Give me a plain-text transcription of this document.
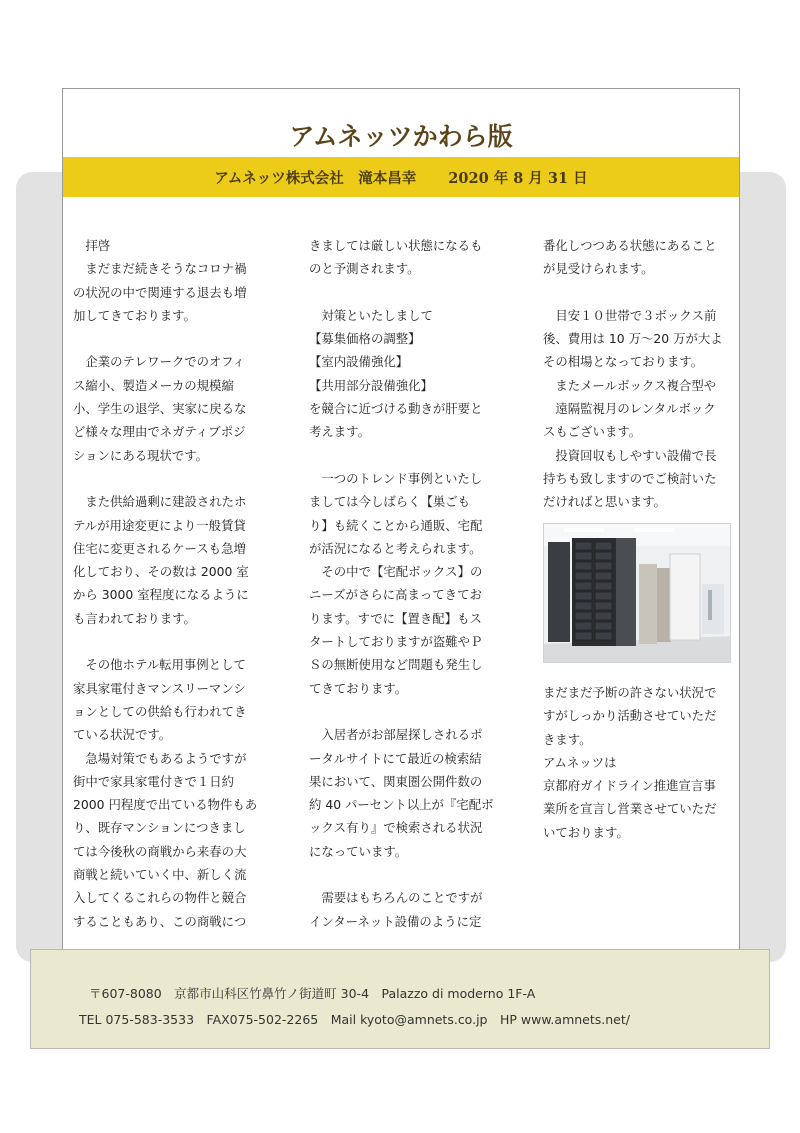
アムネッツかわら版
アムネッツ株式会社　滝本昌幸 2020 年 8 月 31 日

　拝啓

　まだまだ続きそうなコロナ禍

の状況の中で関連する退去も増

加してきております。

　企業のテレワークでのオフィ

ス縮小、製造メーカの規模縮

小、学生の退学、実家に戻るな

ど様々な理由でネガティブポジ

ションにある現状です。

　また供給過剰に建設されたホ

テルが用途変更により一般賃貸

住宅に変更されるケースも急増

化しており、その数は 2000 室

から 3000 室程度になるように

も言われております。

　その他ホテル転用事例として

家具家電付きマンスリーマンシ

ョンとしての供給も行われてき

ている状況です。

　急場対策でもあるようですが

街中で家具家電付きで１日約

2000 円程度で出ている物件もあ

り、既存マンションにつきまし

ては今後秋の商戦から来春の大

商戦と続いていく中、新しく流

入してくるこれらの物件と競合

することもあり、この商戦につ

きましては厳しい状態になるも

のと予測されます。

　対策といたしまして

【募集価格の調整】

【室内設備強化】

【共用部分設備強化】

を競合に近づける動きが肝要と

考えます。

　一つのトレンド事例といたし

ましては今しばらく【巣ごも

り】も続くことから通販、宅配

が活況になると考えられます。

　その中で【宅配ボックス】の

ニーズがさらに高まってきてお

ります。すでに【置き配】もス

タートしておりますが盗難やＰ

Ｓの無断使用など問題も発生し

てきております。

　入居者がお部屋探しされるポ

ータルサイトにて最近の検索結

果において、関東圏公開件数の

約 40 パーセント以上が『宅配ボ

ックス有り』で検索される状況

になっています。

　需要はもちろんのことですが

インターネット設備のように定

番化しつつある状態にあること

が見受けられます。

　目安１０世帯で３ボックス前

後、費用は 10 万～20 万が大よ

その相場となっております。

　またメールボックス複合型や

　遠隔監視月のレンタルボック

スもございます。

　投資回収もしやすい設備で長

持ちも致しますのでご検討いた

だければと思います。

まだまだ予断の許さない状況で

すがしっかり活動させていただ

きます。

アムネッツは

京都府ガイドライン推進宣言事

業所を宣言し営業させていただ

いております。

〒607-8080　京都市山科区竹鼻竹ノ街道町 30-4　Palazzo di moderno 1F-A
TEL 075-583-3533　FAX075-502-2265　Mail kyoto@amnets.co.jp　HP www.amnets.net/
